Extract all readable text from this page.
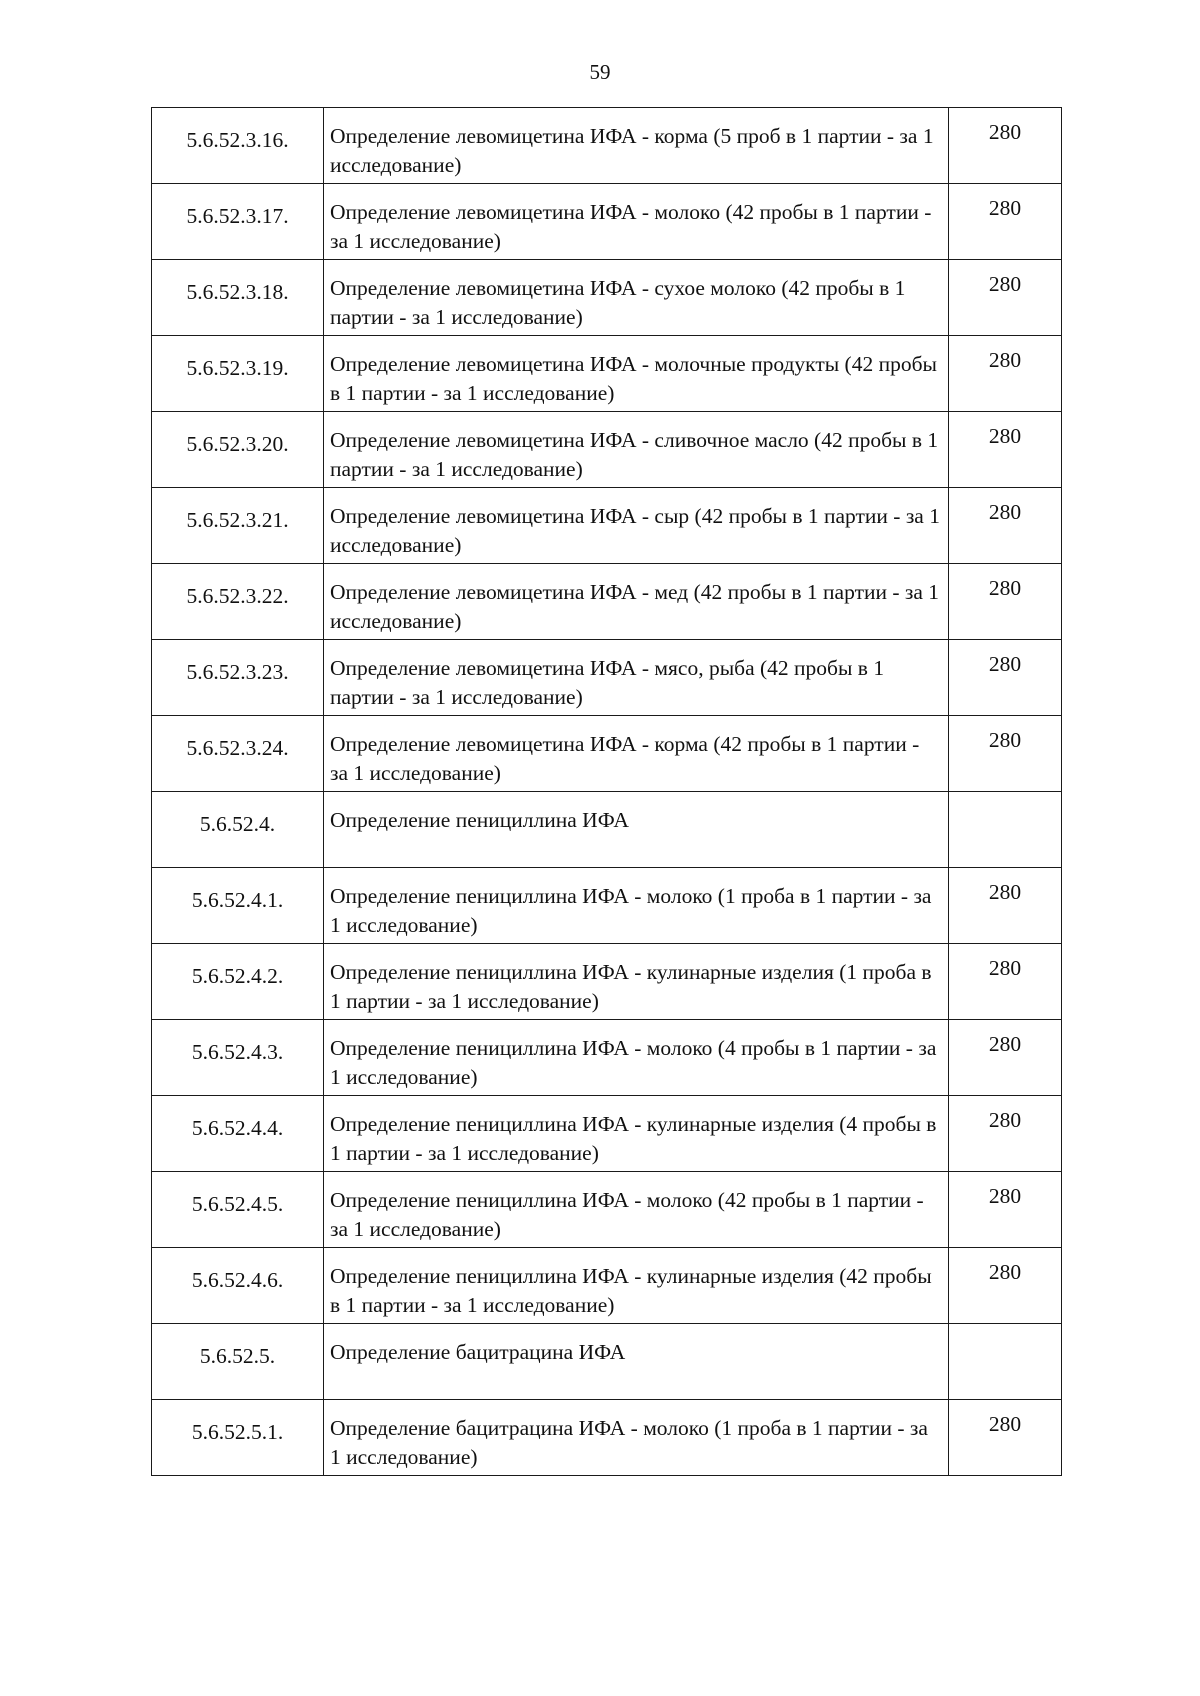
59
5.6.52.3.16.	Определение левомицетина ИФА - корма (5 проб в 1 партии - за 1 исследование)	280
5.6.52.3.17.	Определение левомицетина ИФА - молоко (42 пробы в 1 партии - за 1 исследование)	280
5.6.52.3.18.	Определение левомицетина ИФА - сухое молоко (42 пробы в 1 партии - за 1 исследование)	280
5.6.52.3.19.	Определение левомицетина ИФА - молочные продукты (42 пробы в 1 партии - за 1 исследование)	280
5.6.52.3.20.	Определение левомицетина ИФА - сливочное масло (42 пробы в 1 партии - за 1 исследование)	280
5.6.52.3.21.	Определение левомицетина ИФА - сыр (42 пробы в 1 партии - за 1 исследование)	280
5.6.52.3.22.	Определение левомицетина ИФА - мед (42 пробы в 1 партии - за 1 исследование)	280
5.6.52.3.23.	Определение левомицетина ИФА - мясо, рыба (42 пробы в 1 партии - за 1 исследование)	280
5.6.52.3.24.	Определение левомицетина ИФА - корма (42 пробы в 1 партии - за 1 исследование)	280
5.6.52.4.	Определение пенициллина ИФА	
5.6.52.4.1.	Определение пенициллина ИФА - молоко (1 проба в 1 партии - за 1 исследование)	280
5.6.52.4.2.	Определение пенициллина ИФА - кулинарные изделия (1 проба в 1 партии - за 1 исследование)	280
5.6.52.4.3.	Определение пенициллина ИФА - молоко (4 пробы в 1 партии - за 1 исследование)	280
5.6.52.4.4.	Определение пенициллина ИФА - кулинарные изделия (4 пробы в 1 партии - за 1 исследование)	280
5.6.52.4.5.	Определение пенициллина ИФА - молоко (42 пробы в 1 партии - за 1 исследование)	280
5.6.52.4.6.	Определение пенициллина ИФА - кулинарные изделия (42 пробы в 1 партии - за 1 исследование)	280
5.6.52.5.	Определение бацитрацина ИФА	
5.6.52.5.1.	Определение бацитрацина ИФА - молоко (1 проба в 1 партии - за 1 исследование)	280
